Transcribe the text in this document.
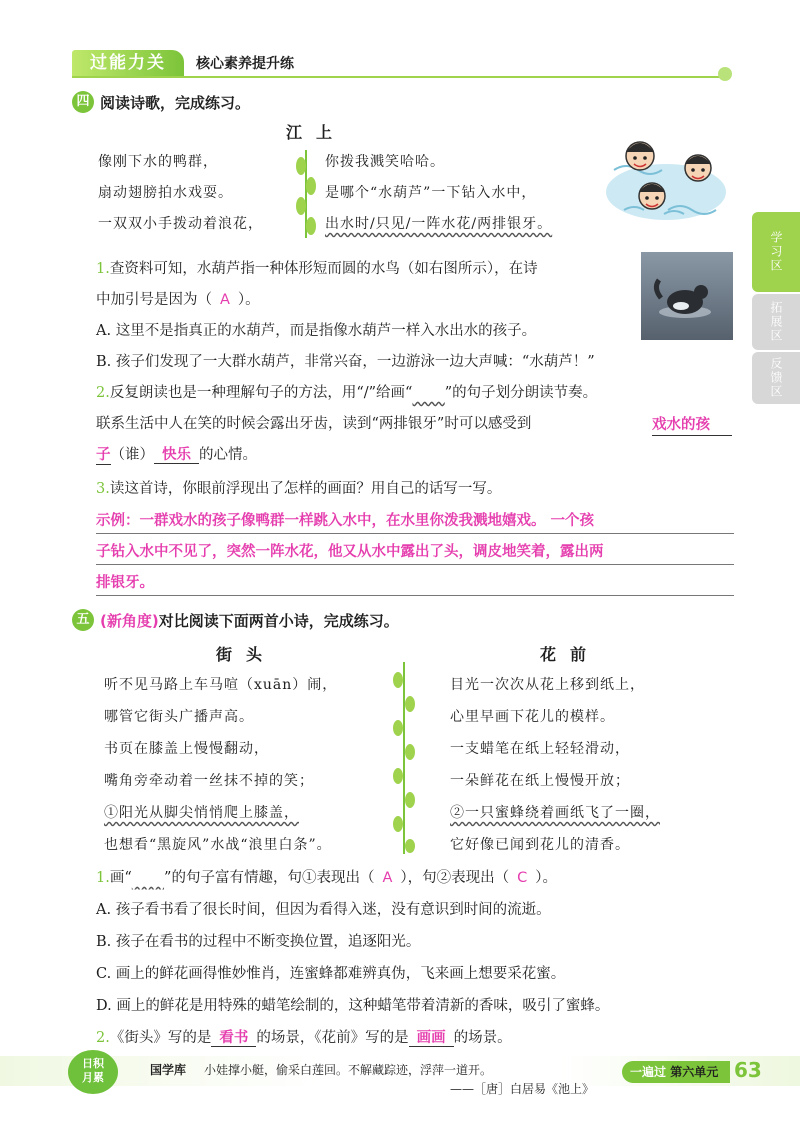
过能力关	核心素养提升练
学习区
拓展区
反馈区
四 阅读诗歌，完成练习。
江上
像刚下水的鸭群，
扇动翅膀拍水戏耍。
一双双小手拨动着浪花，
你拨我溅笑哈哈。
是哪个“水葫芦”一下钻入水中，
出水时/只见/一阵水花/两排银牙。
1.查资料可知，水葫芦指一种体形短而圆的水鸟（如右图所示），在诗
中加引号是因为（ A ）。
A. 这里不是指真正的水葫芦，而是指像水葫芦一样入水出水的孩子。
B. 孩子们发现了一大群水葫芦，非常兴奋，一边游泳一边大声喊：“水葫芦！”
2.反复朗读也是一种理解句子的方法，用“/”给画“ ”的句子划分朗读节奏。
联系生活中人在笑的时候会露出牙齿，读到“两排银牙”时可以感受到	戏水的孩
子（谁） 快乐 的心情。
3.读这首诗，你眼前浮现出了怎样的画面？用自己的话写一写。
示例：一群戏水的孩子像鸭群一样跳入水中，在水里你泼我溅地嬉戏。 一个孩
子钻入水中不见了，突然一阵水花，他又从水中露出了头，调皮地笑着，露出两
排银牙。
五 (新角度)对比阅读下面两首小诗，完成练习。
街头	花前
听不见马路上车马喧（xuān）闹，
哪管它街头广播声高。
书页在膝盖上慢慢翻动，
嘴角旁牵动着一丝抹不掉的笑；
①阳光从脚尖悄悄爬上膝盖，
也想看“黑旋风”水战“浪里白条”。
目光一次次从花上移到纸上，
心里早画下花儿的模样。
一支蜡笔在纸上轻轻滑动，
一朵鲜花在纸上慢慢开放；
②一只蜜蜂绕着画纸飞了一圈，
它好像已闻到花儿的清香。
1.画“ ”的句子富有情趣，句①表现出（ A ），句②表现出（ C ）。
A. 孩子看书看了很长时间，但因为看得入迷，没有意识到时间的流逝。
B. 孩子在看书的过程中不断变换位置，追逐阳光。
C. 画上的鲜花画得惟妙惟肖，连蜜蜂都难辨真伪，飞来画上想要采花蜜。
D. 画上的鲜花是用特殊的蜡笔绘制的，这种蜡笔带着清新的香味，吸引了蜜蜂。
2.《街头》写的是 看书 的场景，《花前》写的是 画画 的场景。
日积
月累
国学库 小娃撑小艇，偷采白莲回。不解藏踪迹，浮萍一道开。
——［唐］白居易《池上》
一遍过 第六单元 63
